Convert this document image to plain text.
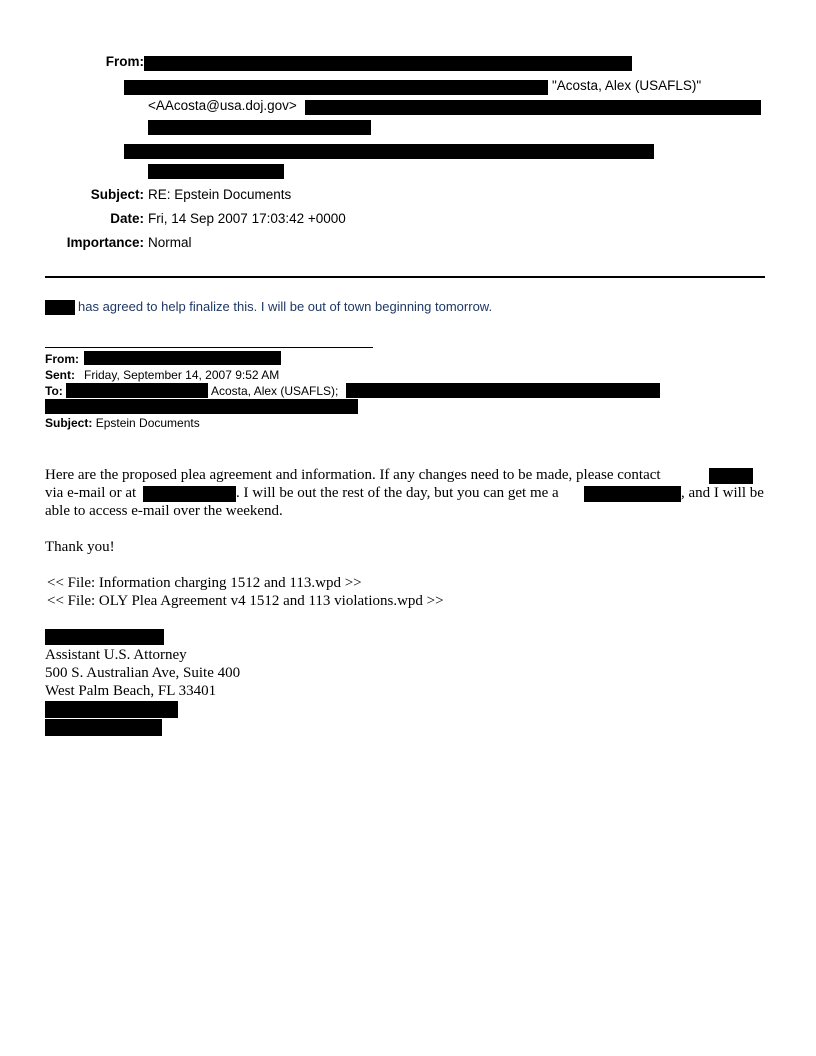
From:
"Acosta, Alex (USAFLS)"
<AAcosta@usa.doj.gov>
Subject: RE: Epstein Documents
Date: Fri, 14 Sep 2007 17:03:42 +0000
Importance: Normal
has agreed to help finalize this. I will be out of town beginning tomorrow.
From:
Sent: Friday, September 14, 2007 9:52 AM
To:	Acosta, Alex (USAFLS);
Subject: Epstein Documents
Here are the proposed plea agreement and information. If any changes need to be made, please contact
via e-mail or at	. I will be out the rest of the day, but you can get me a	, and I will be
able to access e-mail over the weekend.
Thank you!
<< File: Information charging 1512 and 113.wpd >>
<< File: OLY Plea Agreement v4 1512 and 113 violations.wpd >>
Assistant U.S. Attorney
500 S. Australian Ave, Suite 400
West Palm Beach, FL 33401
